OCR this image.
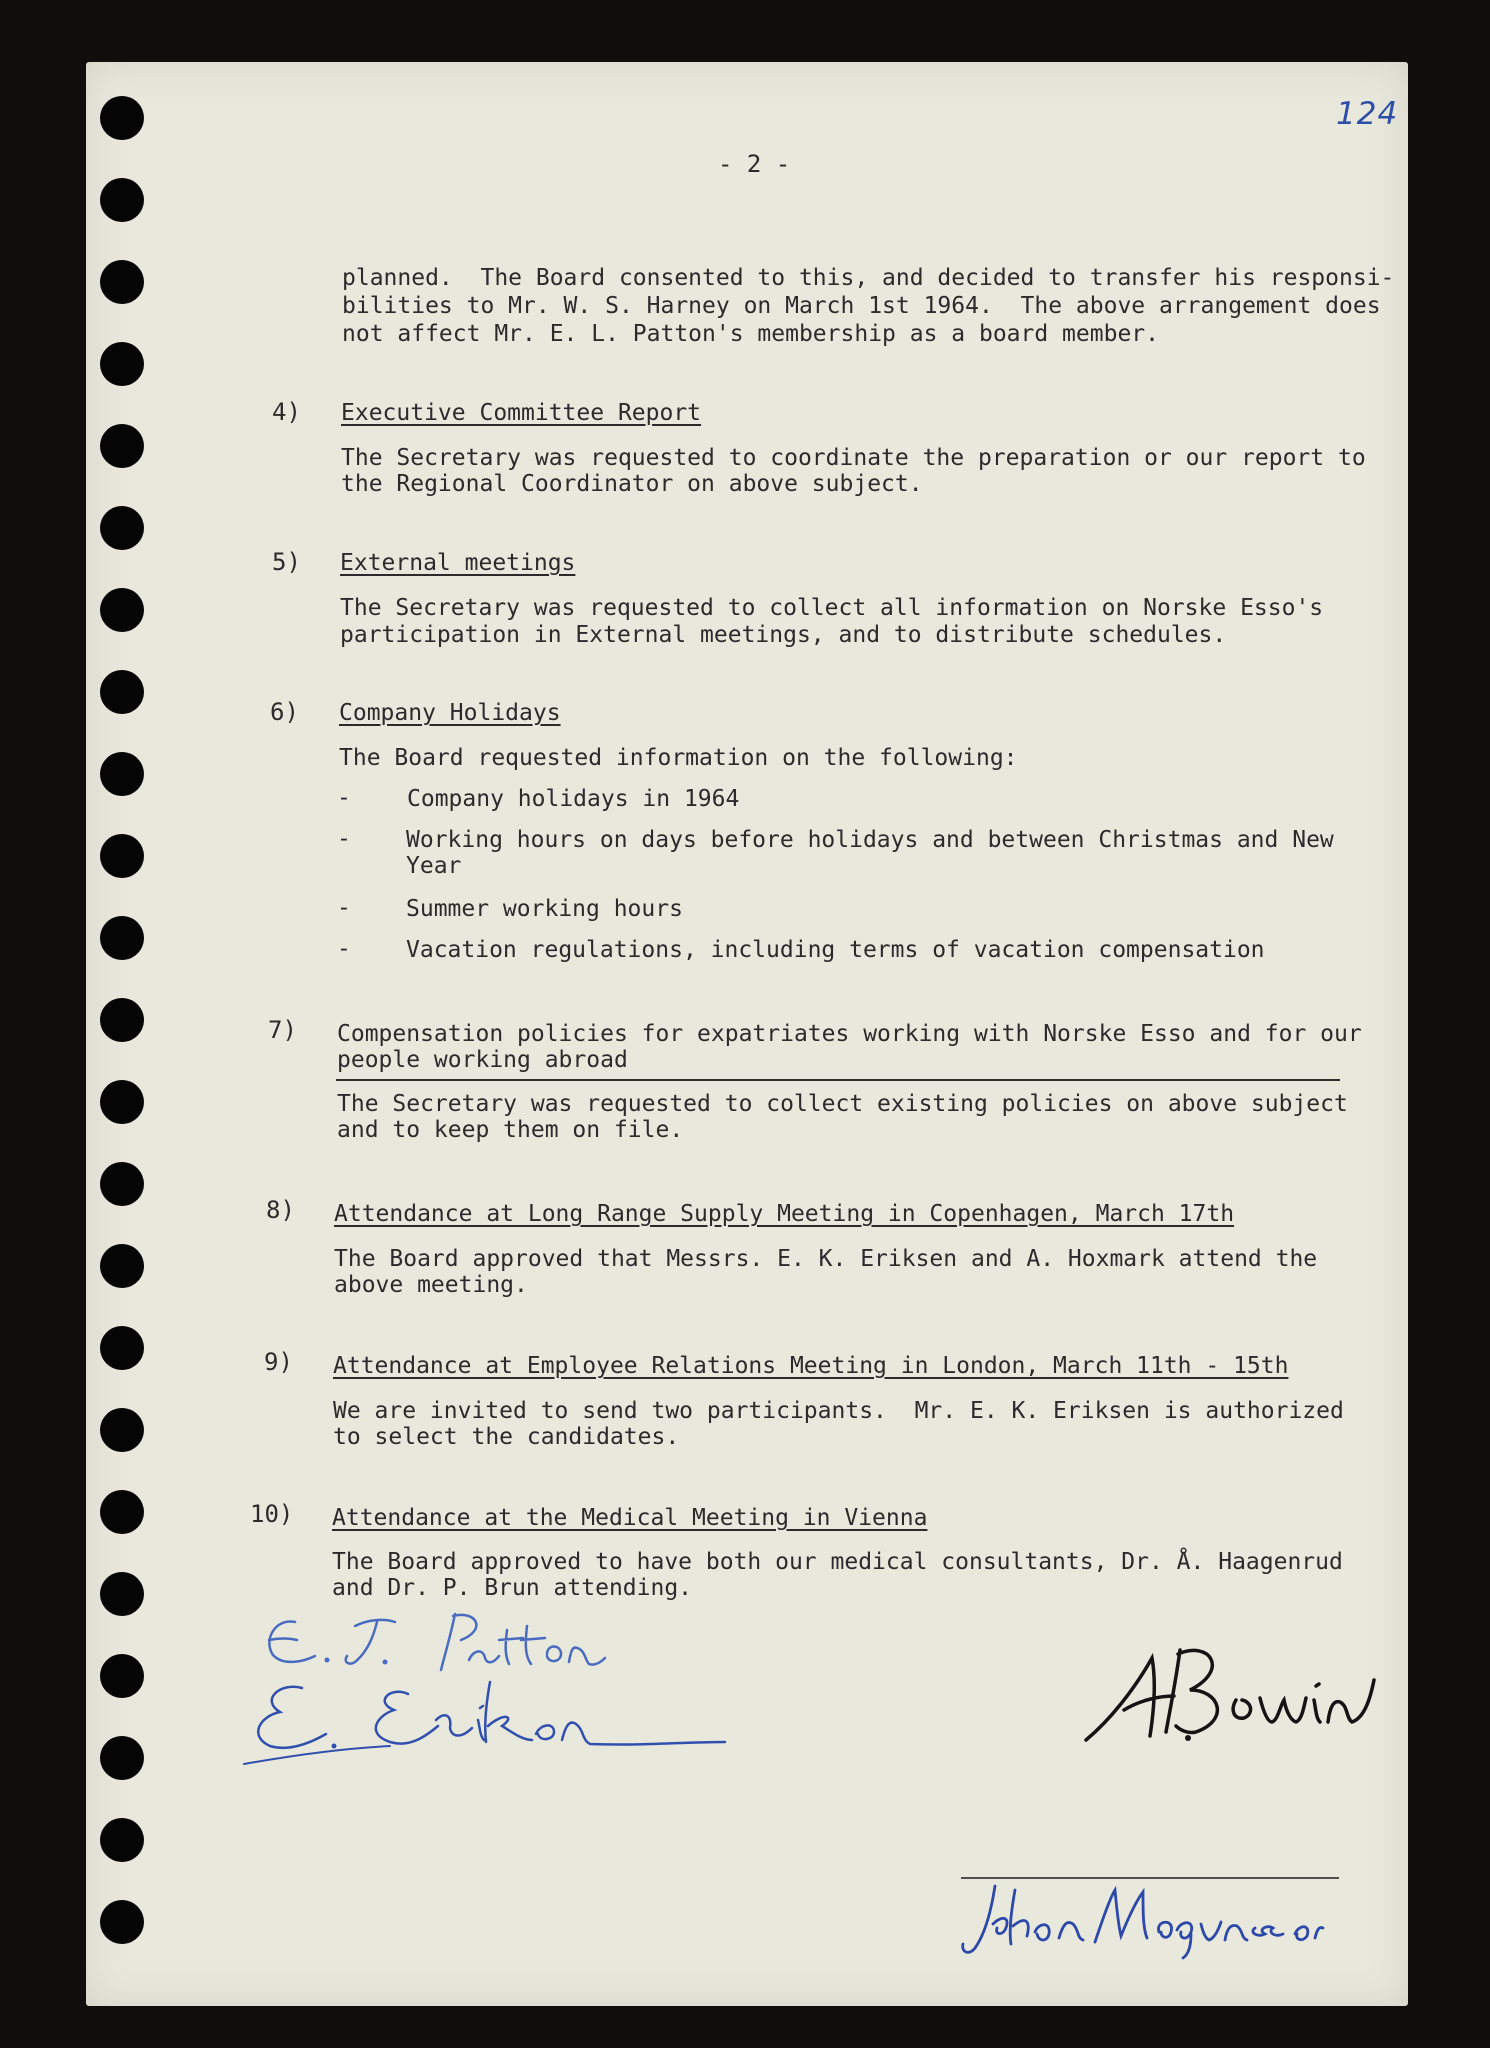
124
- 2 -
planned.  The Board consented to this, and decided to transfer his responsi-
bilities to Mr. W. S. Harney on March 1st 1964.  The above arrangement does
not affect Mr. E. L. Patton's membership as a board member.
4) Executive Committee Report
The Secretary was requested to coordinate the preparation or our report to
the Regional Coordinator on above subject.
5) External meetings
The Secretary was requested to collect all information on Norske Esso's
participation in External meetings, and to distribute schedules.
6) Company Holidays
The Board requested information on the following:
- Company holidays in 1964
- Working hours on days before holidays and between Christmas and New
Year
- Summer working hours
- Vacation regulations, including terms of vacation compensation
7) Compensation policies for expatriates working with Norske Esso and for our
people working abroad
The Secretary was requested to collect existing policies on above subject
and to keep them on file.
8) Attendance at Long Range Supply Meeting in Copenhagen, March 17th
The Board approved that Messrs. E. K. Eriksen and A. Hoxmark attend the
above meeting.
9) Attendance at Employee Relations Meeting in London, March 11th - 15th
We are invited to send two participants.  Mr. E. K. Eriksen is authorized
to select the candidates.
10) Attendance at the Medical Meeting in Vienna
The Board approved to have both our medical consultants, Dr. Å. Haagenrud
and Dr. P. Brun attending.
